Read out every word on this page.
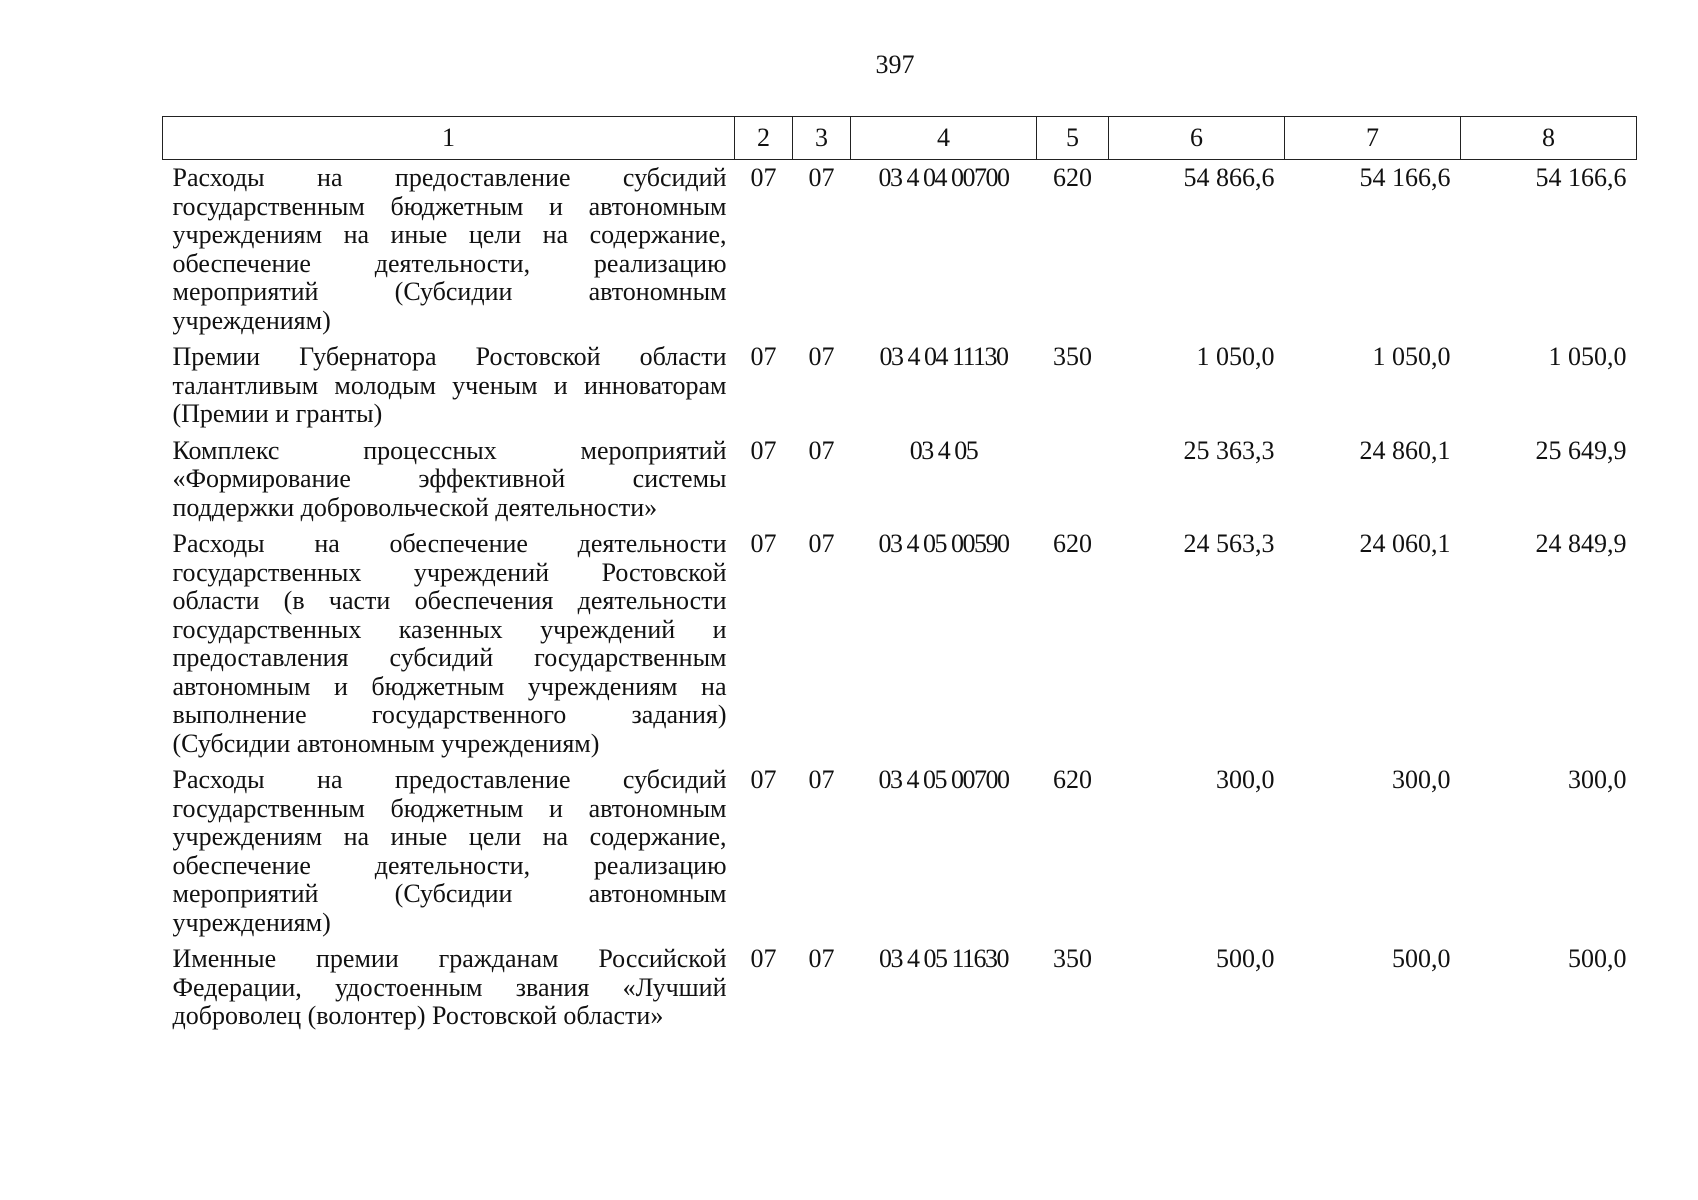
397
1	2	3	4	5	6	7	8
Расходы на предоставление субсидий государственным бюджетным и автономным учреждениям на иные цели на содержание, обеспечение деятельности, реализацию мероприятий (Субсидии автономным учреждениям)	07	07	03 4 04 00700	620	54 866,6	54 166,6	54 166,6
Премии Губернатора Ростовской области талантливым молодым ученым и инноваторам (Премии и гранты)	07	07	03 4 04 11130	350	1 050,0	1 050,0	1 050,0
Комплекс процессных мероприятий «Формирование эффективной системы поддержки добровольческой деятельности»	07	07	03 4 05		25 363,3	24 860,1	25 649,9
Расходы на обеспечение деятельности государственных учреждений Ростовской области (в части обеспечения деятельности государственных казенных учреждений и предоставления субсидий государственным автономным и бюджетным учреждениям на выполнение государственного задания) (Субсидии автономным учреждениям)	07	07	03 4 05 00590	620	24 563,3	24 060,1	24 849,9
Расходы на предоставление субсидий государственным бюджетным и автономным учреждениям на иные цели на содержание, обеспечение деятельности, реализацию мероприятий (Субсидии автономным учреждениям)	07	07	03 4 05 00700	620	300,0	300,0	300,0
Именные премии гражданам Российской Федерации, удостоенным звания «Лучший доброволец (волонтер) Ростовской области»	07	07	03 4 05 11630	350	500,0	500,0	500,0
